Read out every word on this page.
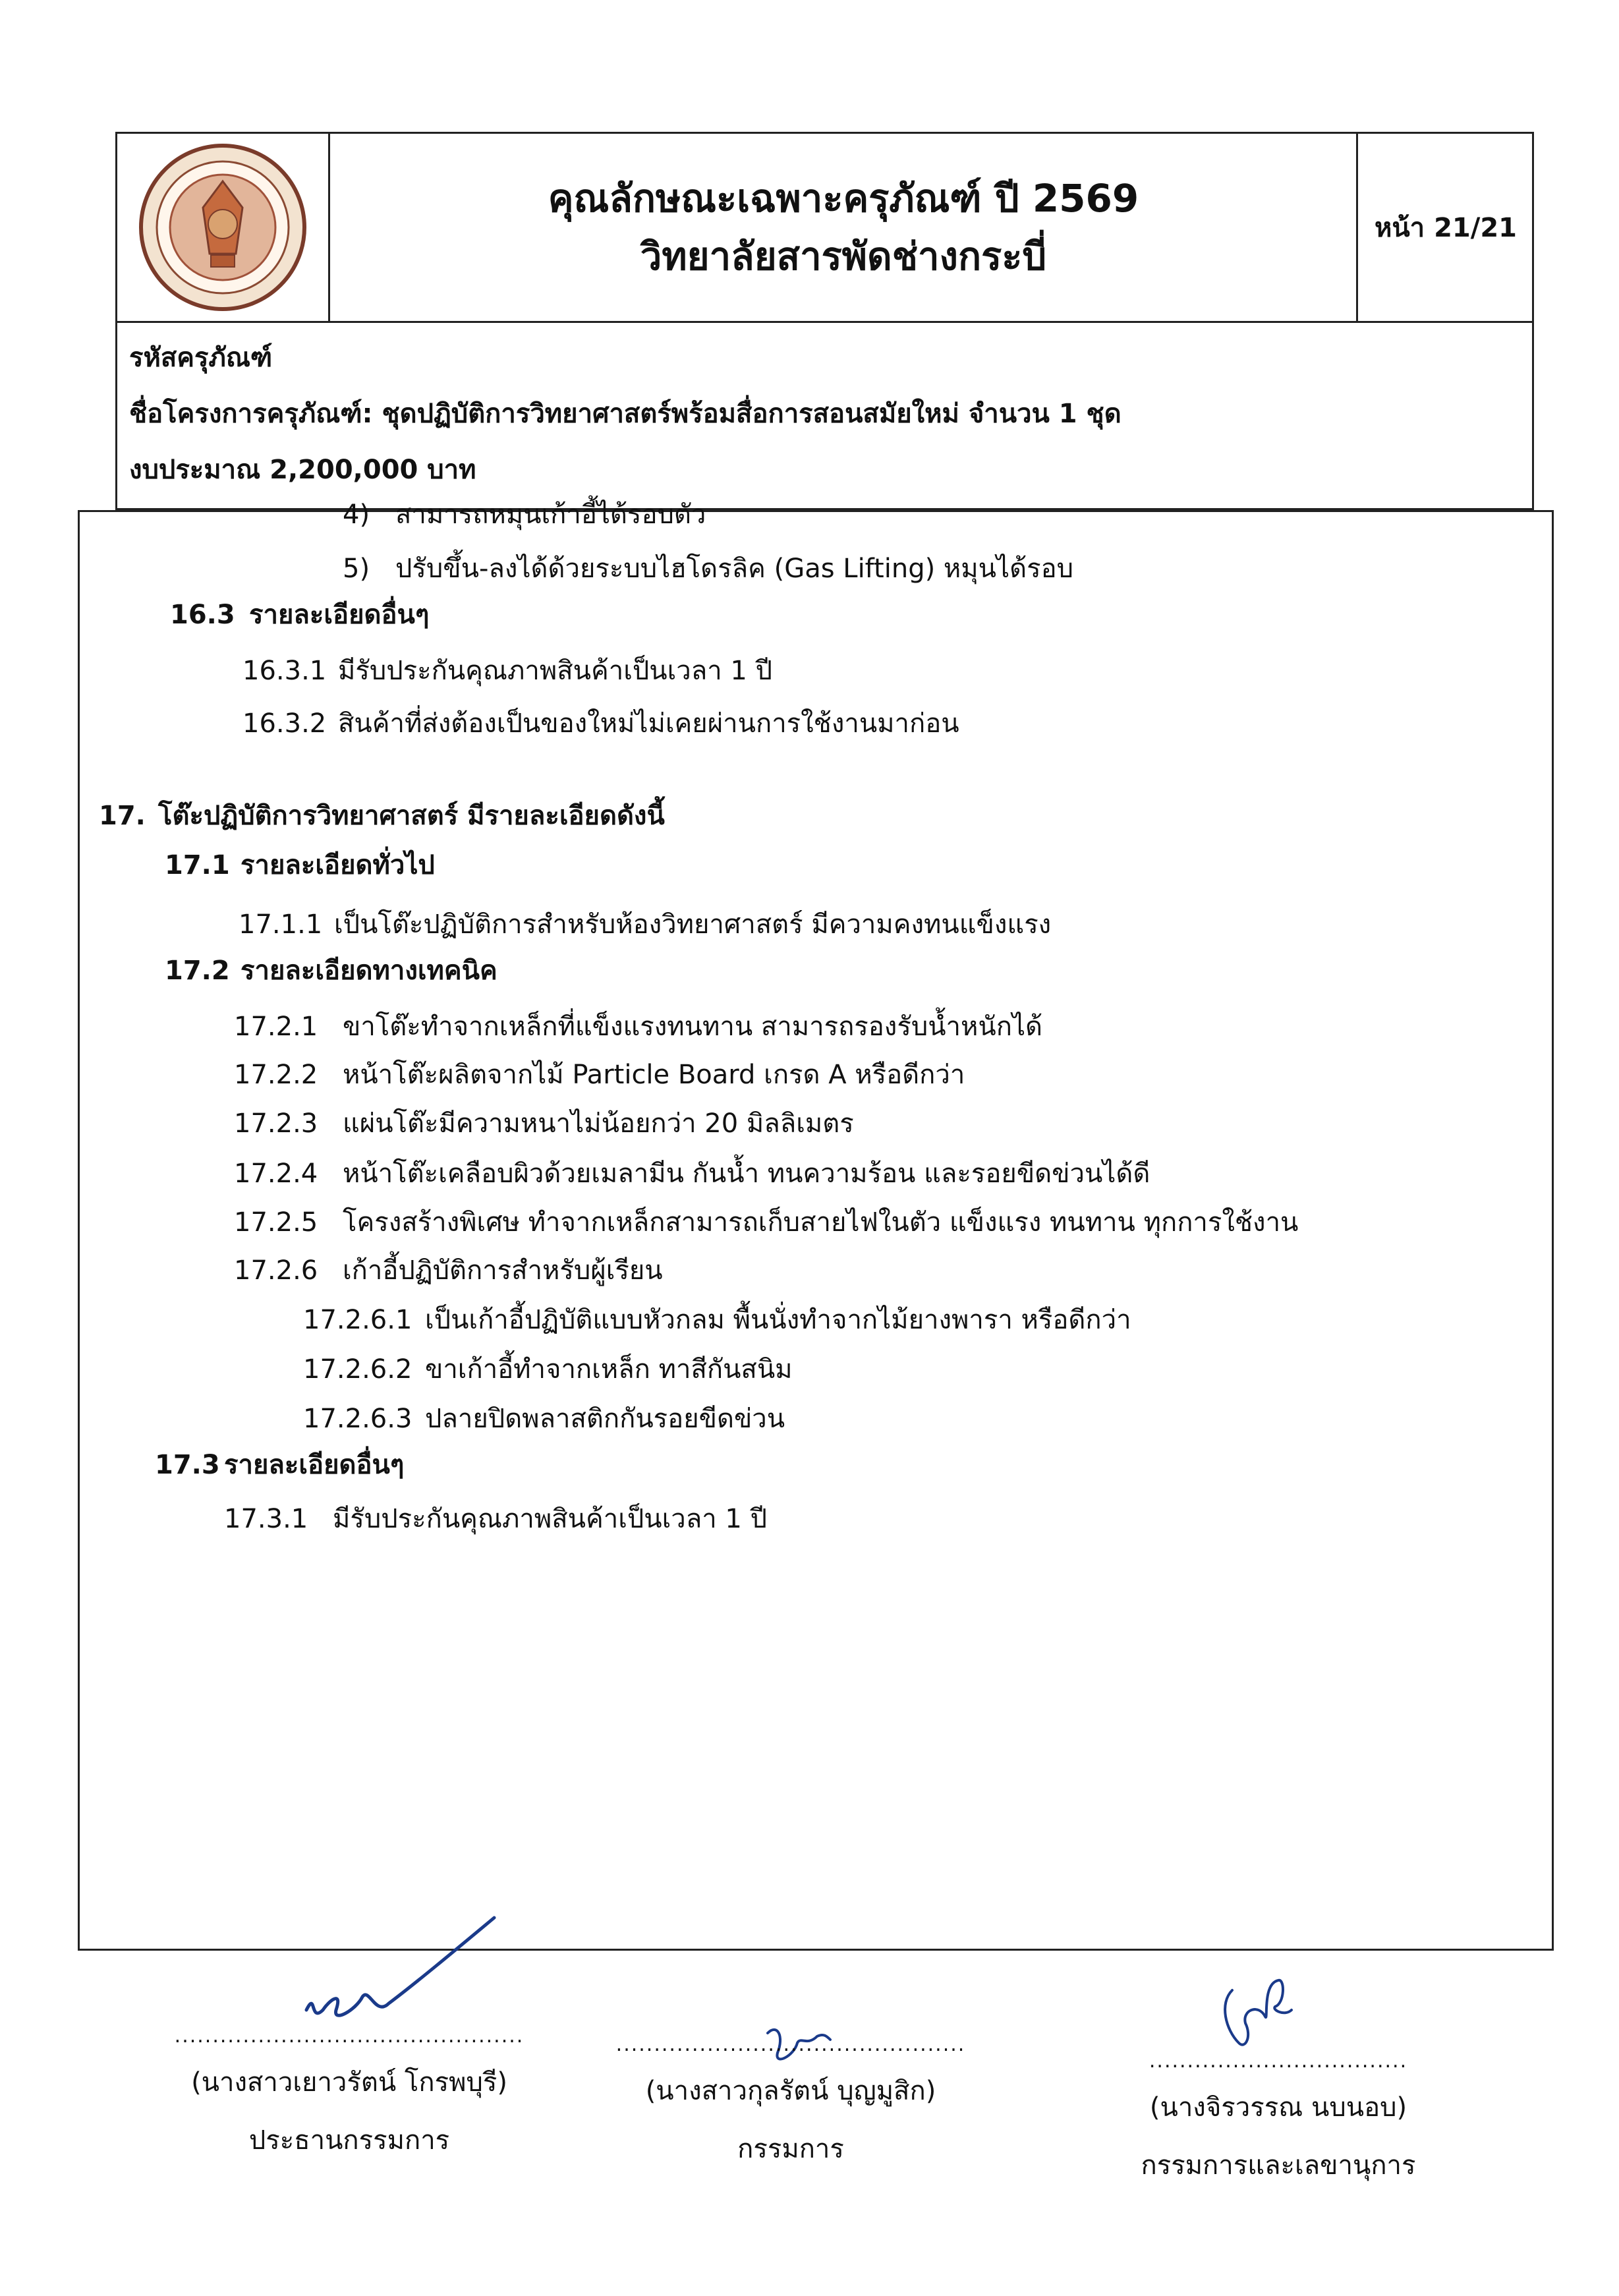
คุณลักษณะเฉพาะครุภัณฑ์ ปี 2569
วิทยาลัยสารพัดช่างกระบี่
หน้า 21/21
รหัสครุภัณฑ์
ชื่อโครงการครุภัณฑ์: ชุดปฏิบัติการวิทยาศาสตร์พร้อมสื่อการสอนสมัยใหม่ จำนวน 1 ชุด
งบประมาณ 2,200,000 บาท
4) สามารถหมุนเก้าอี้ได้รอบตัว
5) ปรับขึ้น-ลงได้ด้วยระบบไฮโดรลิค (Gas Lifting) หมุนได้รอบ
16.3 รายละเอียดอื่นๆ
16.3.1 มีรับประกันคุณภาพสินค้าเป็นเวลา 1 ปี
16.3.2 สินค้าที่ส่งต้องเป็นของใหม่ไม่เคยผ่านการใช้งานมาก่อน
17. โต๊ะปฏิบัติการวิทยาศาสตร์ มีรายละเอียดดังนี้
17.1 รายละเอียดทั่วไป
17.1.1 เป็นโต๊ะปฏิบัติการสำหรับห้องวิทยาศาสตร์ มีความคงทนแข็งแรง
17.2 รายละเอียดทางเทคนิค
17.2.1 ขาโต๊ะทำจากเหล็กที่แข็งแรงทนทาน สามารถรองรับน้ำหนักได้
17.2.2 หน้าโต๊ะผลิตจากไม้ Particle Board เกรด A หรือดีกว่า
17.2.3 แผ่นโต๊ะมีความหนาไม่น้อยกว่า 20 มิลลิเมตร
17.2.4 หน้าโต๊ะเคลือบผิวด้วยเมลามีน กันน้ำ ทนความร้อน และรอยขีดข่วนได้ดี
17.2.5 โครงสร้างพิเศษ ทำจากเหล็กสามารถเก็บสายไฟในตัว แข็งแรง ทนทาน ทุกการใช้งาน
17.2.6 เก้าอี้ปฏิบัติการสำหรับผู้เรียน
17.2.6.1 เป็นเก้าอี้ปฏิบัติแบบหัวกลม พื้นนั่งทำจากไม้ยางพารา หรือดีกว่า
17.2.6.2 ขาเก้าอี้ทำจากเหล็ก ทาสีกันสนิม
17.2.6.3 ปลายปิดพลาสติกกันรอยขีดข่วน
17.3 รายละเอียดอื่นๆ
17.3.1 มีรับประกันคุณภาพสินค้าเป็นเวลา 1 ปี
..............................................
(นางสาวเยาวรัตน์ โกรพบุรี)
ประธานกรรมการ
..............................................
(นางสาวกุลรัตน์ บุญมูสิก)
กรรมการ
..................................
(นางจิรวรรณ นบนอบ)
กรรมการและเลขานุการ
